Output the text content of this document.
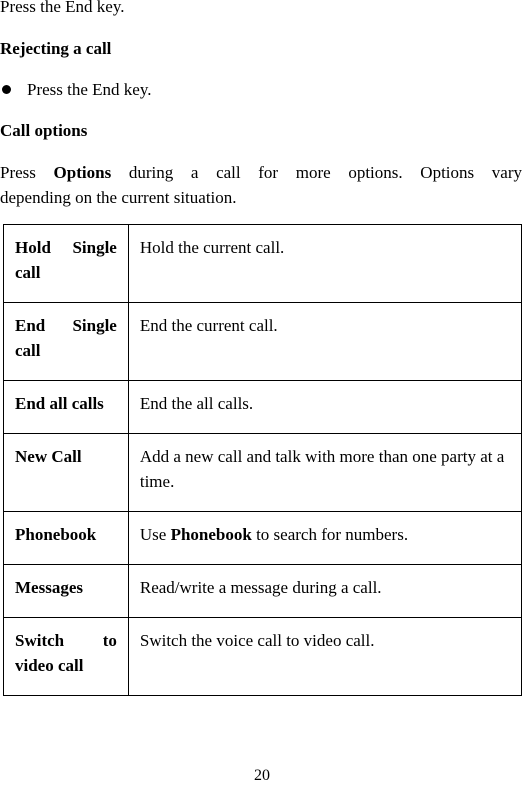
Press the End key.
Rejecting a call
Press the End key.
Call options
Press Options during a call for more options. Options vary
depending on the current situation.
Hold Single call	Hold the current call.
End Single call	End the current call.
End all calls	End the all calls.
New Call	Add a new call and talk with more than one party at a time.
Phonebook	Use Phonebook to search for numbers.
Messages	Read/write a message during a call.
Switch to video call	Switch the voice call to video call.
20
